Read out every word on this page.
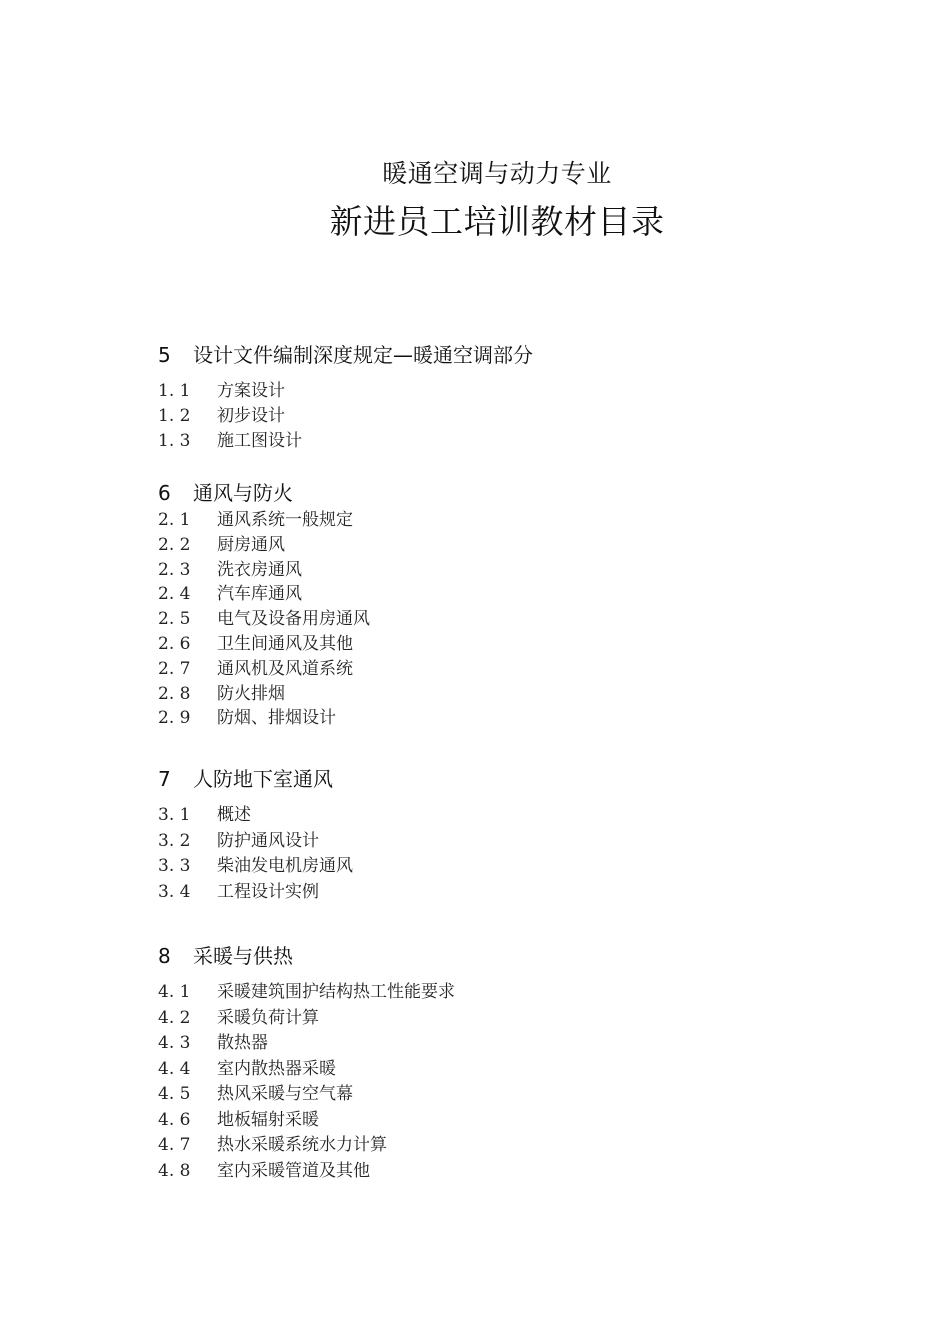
暖通空调与动力专业
新进员工培训教材目录
5 设计文件编制深度规定—暖通空调部分
1. 1 方案设计
1. 2 初步设计
1. 3 施工图设计
6 通风与防火
2. 1 通风系统一般规定
2. 2 厨房通风
2. 3 洗衣房通风
2. 4 汽车库通风
2. 5 电气及设备用房通风
2. 6 卫生间通风及其他
2. 7 通风机及风道系统
2. 8 防火排烟
2. 9 防烟、排烟设计
7 人防地下室通风
3. 1 概述
3. 2 防护通风设计
3. 3 柴油发电机房通风
3. 4 工程设计实例
8 采暖与供热
4. 1 采暖建筑围护结构热工性能要求
4. 2 采暖负荷计算
4. 3 散热器
4. 4 室内散热器采暖
4. 5 热风采暖与空气幕
4. 6 地板辐射采暖
4. 7 热水采暖系统水力计算
4. 8 室内采暖管道及其他
